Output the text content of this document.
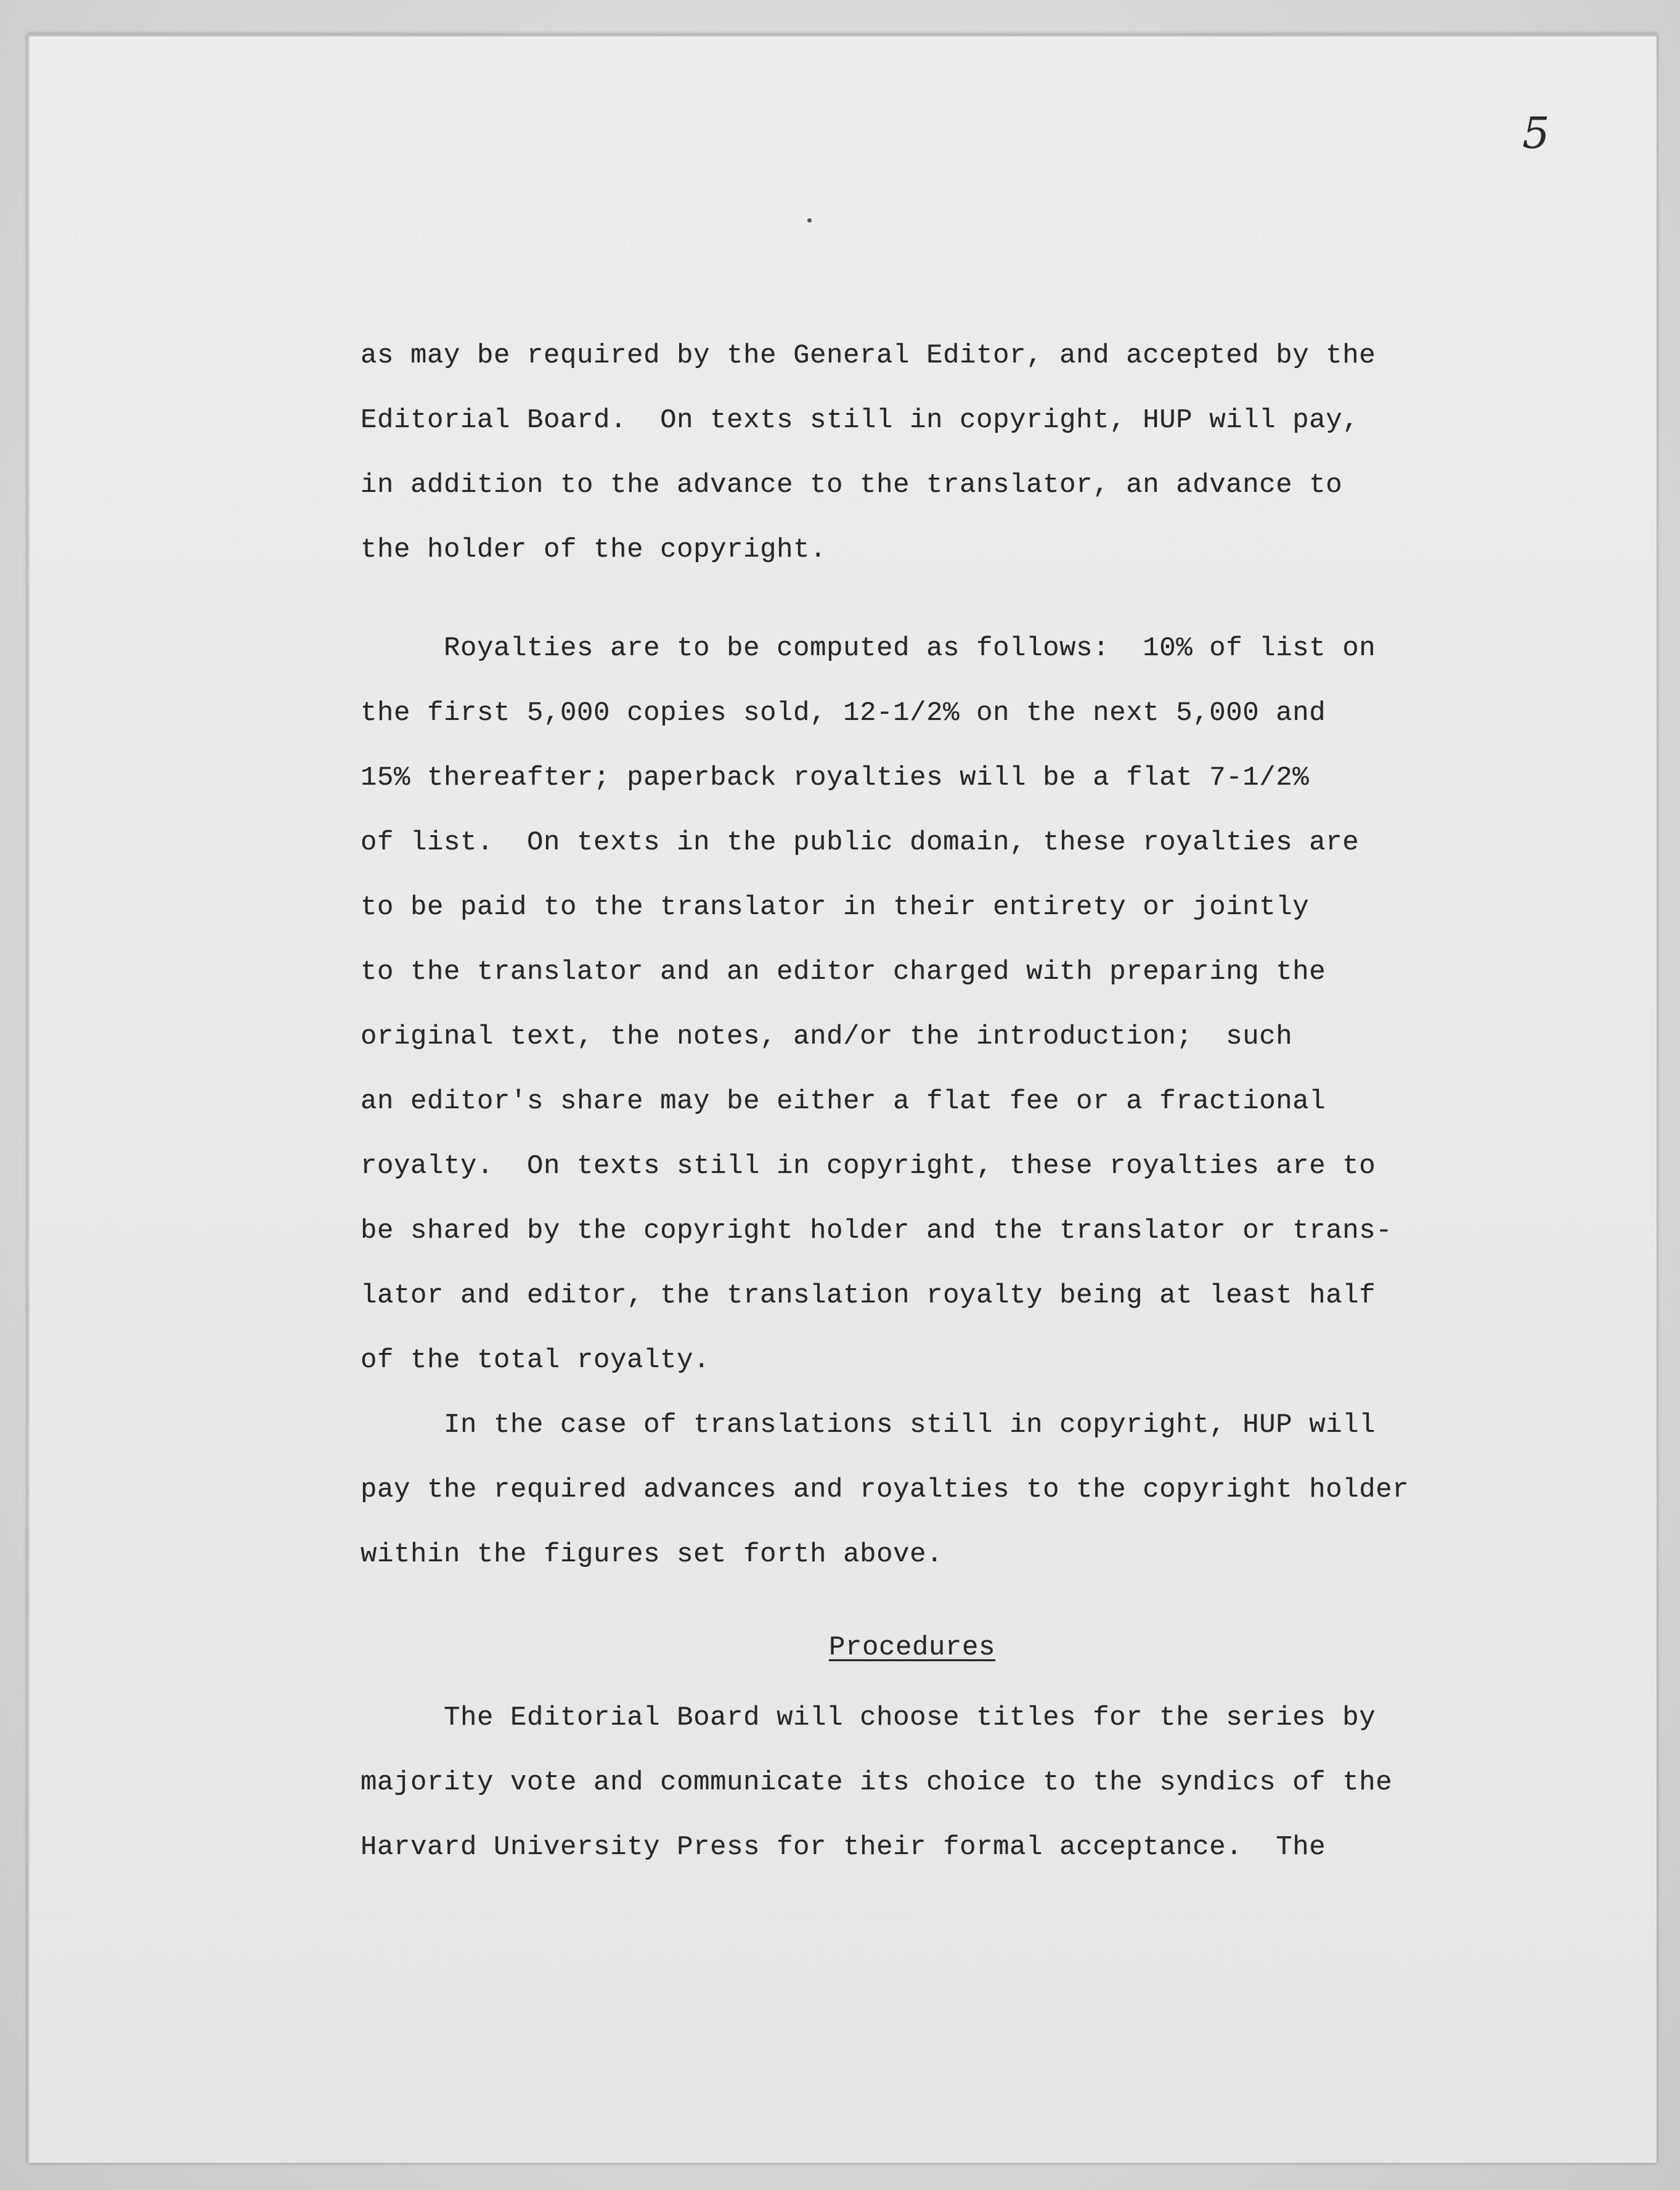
5
as may be required by the General Editor, and accepted by the
Editorial Board.  On texts still in copyright, HUP will pay,
in addition to the advance to the translator, an advance to
the holder of the copyright.
Royalties are to be computed as follows:  10% of list on
the first 5,000 copies sold, 12-1/2% on the next 5,000 and
15% thereafter; paperback royalties will be a flat 7-1/2%
of list.  On texts in the public domain, these royalties are
to be paid to the translator in their entirety or jointly
to the translator and an editor charged with preparing the
original text, the notes, and/or the introduction;  such
an editor's share may be either a flat fee or a fractional
royalty.  On texts still in copyright, these royalties are to
be shared by the copyright holder and the translator or trans-
lator and editor, the translation royalty being at least half
of the total royalty.
In the case of translations still in copyright, HUP will
pay the required advances and royalties to the copyright holder
within the figures set forth above.
Procedures
The Editorial Board will choose titles for the series by
majority vote and communicate its choice to the syndics of the
Harvard University Press for their formal acceptance.  The
